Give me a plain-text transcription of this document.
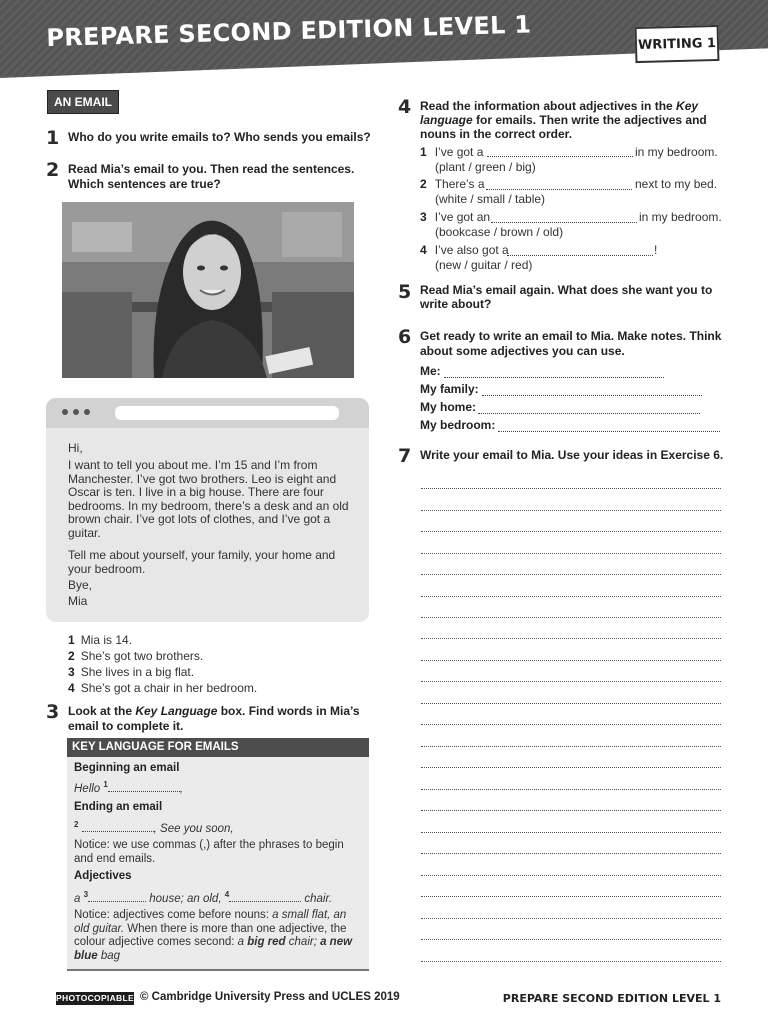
PREPARE SECOND EDITION LEVEL 1	WRITING 1
AN EMAIL
1 Who do you write emails to? Who sends you emails?
2 Read Mia’s email to you. Then read the sentences.
Which sentences are true?
Hi,
I want to tell you about me. I’m 15 and I’m from
Manchester. I’ve got two brothers. Leo is eight and
Oscar is ten. I live in a big house. There are four
bedrooms. In my bedroom, there’s a desk and an old
brown chair. I’ve got lots of clothes, and I’ve got a
guitar.
Tell me about yourself, your family, your home and
your bedroom.
Bye,
Mia
1 Mia is 14.
2 She’s got two brothers.
3 She lives in a big flat.
4 She’s got a chair in her bedroom.
3 Look at the Key Language box. Find words in Mia’s
email to complete it.
KEY LANGUAGE FOR EMAILS
Beginning an email
Hello $^1$	,
Ending an email
$^2$	, See you soon,
Notice: we use commas (,) after the phrases to begin
and end emails.
Adjectives
a $^3$	house; an old, $^4$	chair.
Notice: adjectives come before nouns: a small flat, an
old guitar. When there is more than one adjective, the
colour adjective comes second: a big red chair; a new
blue bag
4 Read the information about adjectives in the Key
language for emails. Then write the adjectives and
nouns in the correct order.
1 I’ve got a	in my bedroom.
(plant / green / big)
2 There’s a	next to my bed.
(white / small / table)
3 I’ve got an	in my bedroom.
(bookcase / brown / old)
4 I’ve also got a	!
(new / guitar / red)
5 Read Mia’s email again. What does she want you to
write about?
6 Get ready to write an email to Mia. Make notes. Think
about some adjectives you can use.
Me:
My family:
My home:
My bedroom:
7 Write your email to Mia. Use your ideas in Exercise 6.
PHOTOCOPIABLE © Cambridge University Press and UCLES 2019	PREPARE SECOND EDITION LEVEL 1
